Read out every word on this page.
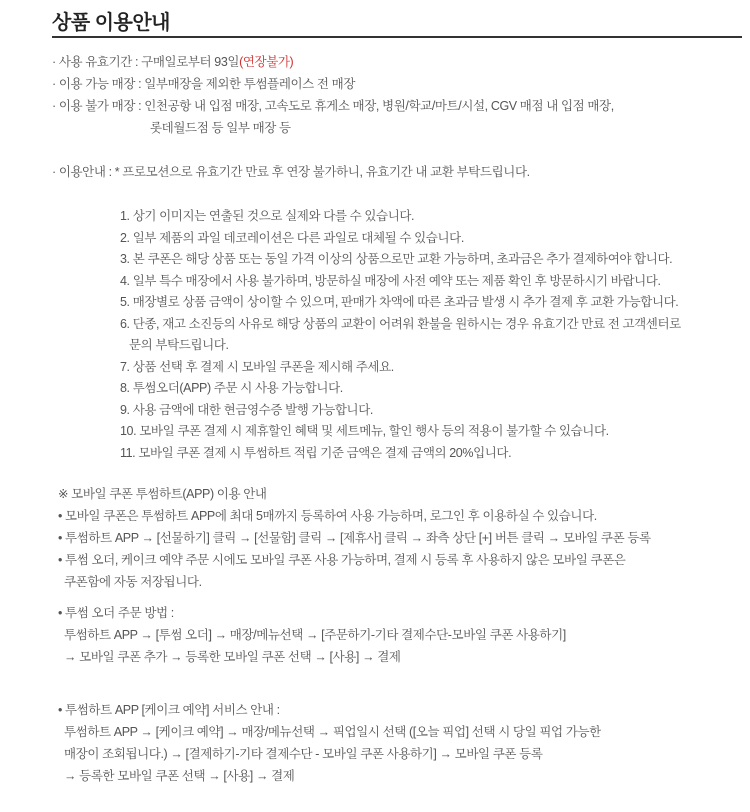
상품 이용안내
· 사용 유효기간 : 구매일로부터 93일(연장불가)
· 이용 가능 매장 : 일부매장을 제외한 투썸플레이스 전 매장
· 이용 불가 매장 : 인천공항 내 입점 매장, 고속도로 휴게소 매장, 병원/학교/마트/시설, CGV 매점 내 입점 매장,
롯데월드점 등 일부 매장 등
· 이용안내 : * 프로모션으로 유효기간 만료 후 연장 불가하니, 유효기간 내 교환 부탁드립니다.
1. 상기 이미지는 연출된 것으로 실제와 다를 수 있습니다.
2. 일부 제품의 과일 데코레이션은 다른 과일로 대체될 수 있습니다.
3. 본 쿠폰은 해당 상품 또는 동일 가격 이상의 상품으로만 교환 가능하며, 초과금은 추가 결제하여야 합니다.
4. 일부 특수 매장에서 사용 불가하며, 방문하실 매장에 사전 예약 또는 제품 확인 후 방문하시기 바랍니다.
5. 매장별로 상품 금액이 상이할 수 있으며, 판매가 차액에 따른 초과금 발생 시 추가 결제 후 교환 가능합니다.
6. 단종, 재고 소진등의 사유로 해당 상품의 교환이 어려워 환불을 원하시는 경우 유효기간 만료 전 고객센터로
문의 부탁드립니다.
7. 상품 선택 후 결제 시 모바일 쿠폰을 제시해 주세요.
8. 투썸오더(APP) 주문 시 사용 가능합니다.
9. 사용 금액에 대한 현금영수증 발행 가능합니다.
10. 모바일 쿠폰 결제 시 제휴할인 혜택 및 세트메뉴, 할인 행사 등의 적용이 불가할 수 있습니다.
11. 모바일 쿠폰 결제 시 투썸하트 적립 기준 금액은 결제 금액의 20%입니다.
※ 모바일 쿠폰 투썸하트(APP) 이용 안내
• 모바일 쿠폰은 투썸하트 APP에 최대 5매까지 등록하여 사용 가능하며, 로그인 후 이용하실 수 있습니다.
• 투썸하트 APP → [선물하기] 클릭 → [선물함] 클릭 → [제휴사] 클릭 → 좌측 상단 [+] 버튼 클릭 → 모바일 쿠폰 등록
• 투썸 오더, 케이크 예약 주문 시에도 모바일 쿠폰 사용 가능하며, 결제 시 등록 후 사용하지 않은 모바일 쿠폰은
쿠폰함에 자동 저장됩니다.
• 투썸 오더 주문 방법 :
투썸하트 APP → [투썸 오더] → 매장/메뉴선택 → [주문하기-기타 결제수단-모바일 쿠폰 사용하기]
→ 모바일 쿠폰 추가 → 등록한 모바일 쿠폰 선택 → [사용] → 결제
• 투썸하트 APP [케이크 예약] 서비스 안내 :
투썸하트 APP → [케이크 예약] → 매장/메뉴선택 → 픽업일시 선택 ([오늘 픽업] 선택 시 당일 픽업 가능한
매장이 조회됩니다.) → [결제하기-기타 결제수단 - 모바일 쿠폰 사용하기] → 모바일 쿠폰 등록
→ 등록한 모바일 쿠폰 선택 → [사용] → 결제
